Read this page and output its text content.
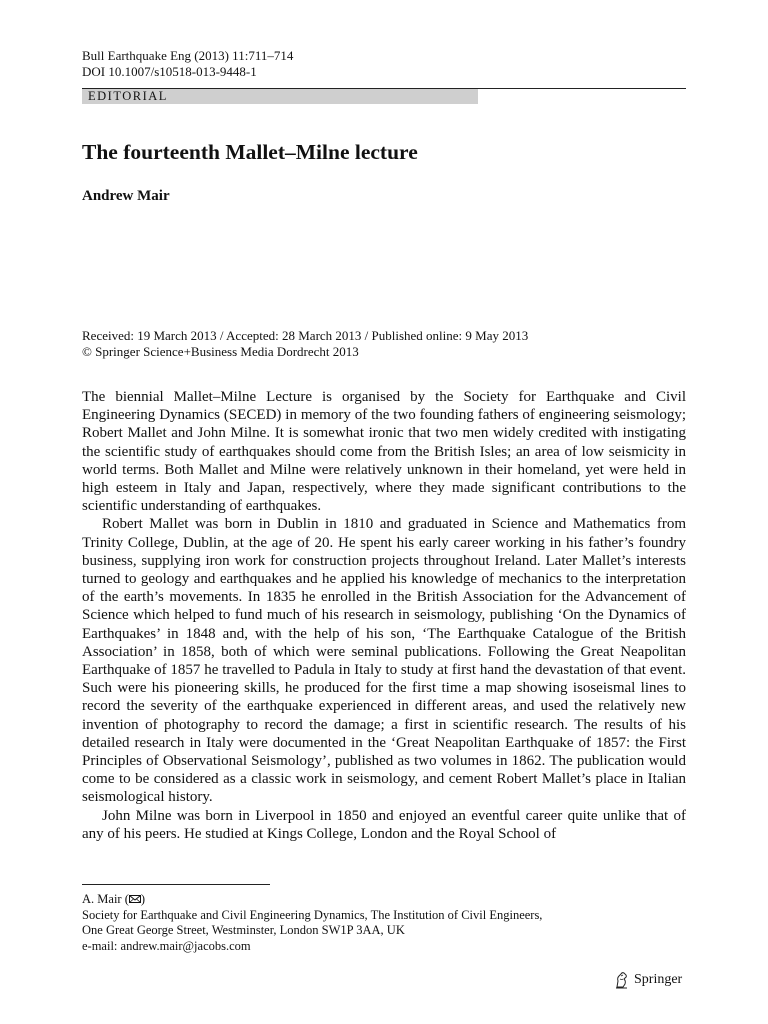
Bull Earthquake Eng (2013) 11:711–714
DOI 10.1007/s10518-013-9448-1
EDITORIAL
The fourteenth Mallet–Milne lecture
Andrew Mair
Received: 19 March 2013 / Accepted: 28 March 2013 / Published online: 9 May 2013
© Springer Science+Business Media Dordrecht 2013

The biennial Mallet–Milne Lecture is organised by the Society for Earthquake and Civil Engineering Dynamics (SECED) in memory of the two founding fathers of engineering seismology; Robert Mallet and John Milne. It is somewhat ironic that two men widely credited with instigating the scientific study of earthquakes should come from the British Isles; an area of low seismicity in world terms. Both Mallet and Milne were relatively unknown in their homeland, yet were held in high esteem in Italy and Japan, respectively, where they made significant contributions to the scientific understanding of earthquakes.

Robert Mallet was born in Dublin in 1810 and graduated in Science and Mathematics from Trinity College, Dublin, at the age of 20. He spent his early career working in his father’s foundry business, supplying iron work for construction projects throughout Ireland. Later Mallet’s interests turned to geology and earthquakes and he applied his knowledge of mechanics to the interpretation of the earth’s movements. In 1835 he enrolled in the British Association for the Advancement of Science which helped to fund much of his research in seismology, publishing ‘On the Dynamics of Earthquakes’ in 1848 and, with the help of his son, ‘The Earthquake Catalogue of the British Association’ in 1858, both of which were seminal publications. Following the Great Neapolitan Earthquake of 1857 he travelled to Padula in Italy to study at first hand the devastation of that event. Such were his pioneering skills, he produced for the first time a map showing isoseismal lines to record the severity of the earthquake experienced in different areas, and used the relatively new invention of photography to record the damage; a first in scientific research. The results of his detailed research in Italy were documented in the ‘Great Neapolitan Earthquake of 1857: the First Principles of Observational Seismology’, published as two volumes in 1862. The publication would come to be considered as a classic work in seismology, and cement Robert Mallet’s place in Italian seismological history.

John Milne was born in Liverpool in 1850 and enjoyed an eventful career quite unlike that of any of his peers. He studied at Kings College, London and the Royal School of

A. Mair ( )
Society for Earthquake and Civil Engineering Dynamics, The Institution of Civil Engineers,
One Great George Street, Westminster, London SW1P 3AA, UK
e-mail: andrew.mair@jacobs.com
Springer
